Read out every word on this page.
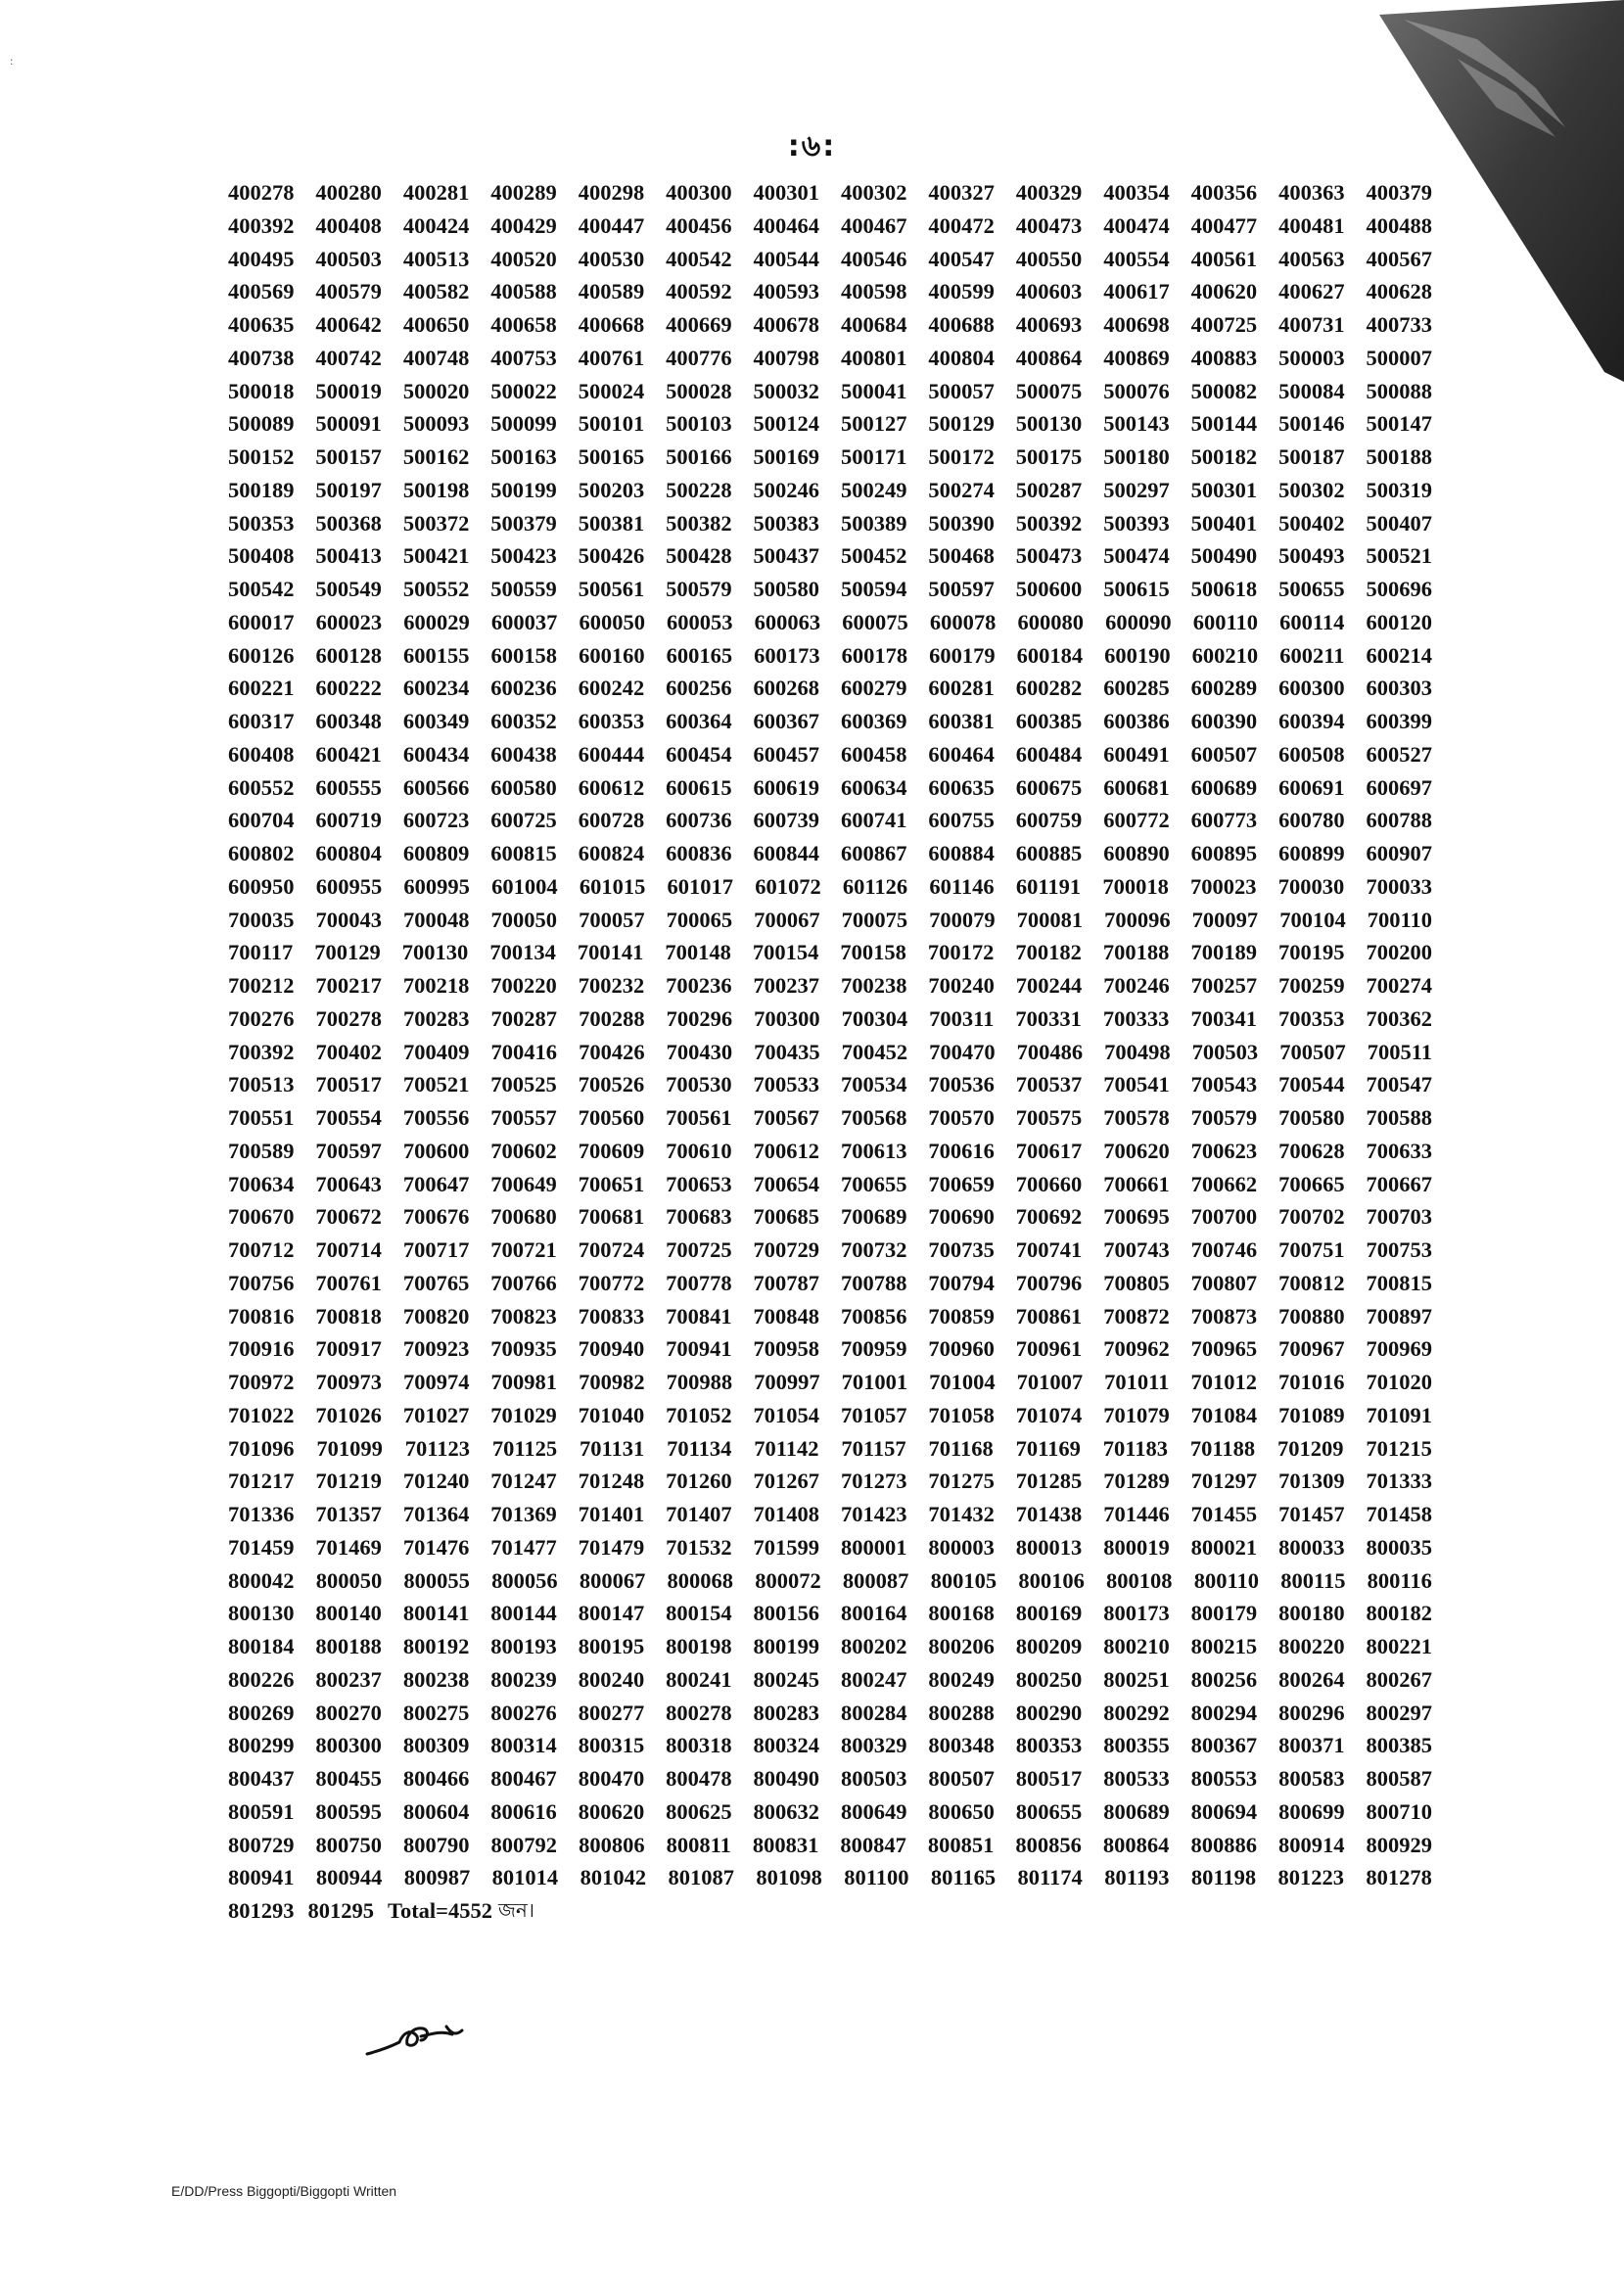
:
:৬:
400278 400280 400281 400289 400298 400300 400301 400302 400327 400329 400354 400356 400363 400379
400392 400408 400424 400429 400447 400456 400464 400467 400472 400473 400474 400477 400481 400488
400495 400503 400513 400520 400530 400542 400544 400546 400547 400550 400554 400561 400563 400567
400569 400579 400582 400588 400589 400592 400593 400598 400599 400603 400617 400620 400627 400628
400635 400642 400650 400658 400668 400669 400678 400684 400688 400693 400698 400725 400731 400733
400738 400742 400748 400753 400761 400776 400798 400801 400804 400864 400869 400883 500003 500007
500018 500019 500020 500022 500024 500028 500032 500041 500057 500075 500076 500082 500084 500088
500089 500091 500093 500099 500101 500103 500124 500127 500129 500130 500143 500144 500146 500147
500152 500157 500162 500163 500165 500166 500169 500171 500172 500175 500180 500182 500187 500188
500189 500197 500198 500199 500203 500228 500246 500249 500274 500287 500297 500301 500302 500319
500353 500368 500372 500379 500381 500382 500383 500389 500390 500392 500393 500401 500402 500407
500408 500413 500421 500423 500426 500428 500437 500452 500468 500473 500474 500490 500493 500521
500542 500549 500552 500559 500561 500579 500580 500594 500597 500600 500615 500618 500655 500696
600017 600023 600029 600037 600050 600053 600063 600075 600078 600080 600090 600110 600114 600120
600126 600128 600155 600158 600160 600165 600173 600178 600179 600184 600190 600210 600211 600214
600221 600222 600234 600236 600242 600256 600268 600279 600281 600282 600285 600289 600300 600303
600317 600348 600349 600352 600353 600364 600367 600369 600381 600385 600386 600390 600394 600399
600408 600421 600434 600438 600444 600454 600457 600458 600464 600484 600491 600507 600508 600527
600552 600555 600566 600580 600612 600615 600619 600634 600635 600675 600681 600689 600691 600697
600704 600719 600723 600725 600728 600736 600739 600741 600755 600759 600772 600773 600780 600788
600802 600804 600809 600815 600824 600836 600844 600867 600884 600885 600890 600895 600899 600907
600950 600955 600995 601004 601015 601017 601072 601126 601146 601191 700018 700023 700030 700033
700035 700043 700048 700050 700057 700065 700067 700075 700079 700081 700096 700097 700104 700110
700117 700129 700130 700134 700141 700148 700154 700158 700172 700182 700188 700189 700195 700200
700212 700217 700218 700220 700232 700236 700237 700238 700240 700244 700246 700257 700259 700274
700276 700278 700283 700287 700288 700296 700300 700304 700311 700331 700333 700341 700353 700362
700392 700402 700409 700416 700426 700430 700435 700452 700470 700486 700498 700503 700507 700511
700513 700517 700521 700525 700526 700530 700533 700534 700536 700537 700541 700543 700544 700547
700551 700554 700556 700557 700560 700561 700567 700568 700570 700575 700578 700579 700580 700588
700589 700597 700600 700602 700609 700610 700612 700613 700616 700617 700620 700623 700628 700633
700634 700643 700647 700649 700651 700653 700654 700655 700659 700660 700661 700662 700665 700667
700670 700672 700676 700680 700681 700683 700685 700689 700690 700692 700695 700700 700702 700703
700712 700714 700717 700721 700724 700725 700729 700732 700735 700741 700743 700746 700751 700753
700756 700761 700765 700766 700772 700778 700787 700788 700794 700796 700805 700807 700812 700815
700816 700818 700820 700823 700833 700841 700848 700856 700859 700861 700872 700873 700880 700897
700916 700917 700923 700935 700940 700941 700958 700959 700960 700961 700962 700965 700967 700969
700972 700973 700974 700981 700982 700988 700997 701001 701004 701007 701011 701012 701016 701020
701022 701026 701027 701029 701040 701052 701054 701057 701058 701074 701079 701084 701089 701091
701096 701099 701123 701125 701131 701134 701142 701157 701168 701169 701183 701188 701209 701215
701217 701219 701240 701247 701248 701260 701267 701273 701275 701285 701289 701297 701309 701333
701336 701357 701364 701369 701401 701407 701408 701423 701432 701438 701446 701455 701457 701458
701459 701469 701476 701477 701479 701532 701599 800001 800003 800013 800019 800021 800033 800035
800042 800050 800055 800056 800067 800068 800072 800087 800105 800106 800108 800110 800115 800116
800130 800140 800141 800144 800147 800154 800156 800164 800168 800169 800173 800179 800180 800182
800184 800188 800192 800193 800195 800198 800199 800202 800206 800209 800210 800215 800220 800221
800226 800237 800238 800239 800240 800241 800245 800247 800249 800250 800251 800256 800264 800267
800269 800270 800275 800276 800277 800278 800283 800284 800288 800290 800292 800294 800296 800297
800299 800300 800309 800314 800315 800318 800324 800329 800348 800353 800355 800367 800371 800385
800437 800455 800466 800467 800470 800478 800490 800503 800507 800517 800533 800553 800583 800587
800591 800595 800604 800616 800620 800625 800632 800649 800650 800655 800689 800694 800699 800710
800729 800750 800790 800792 800806 800811 800831 800847 800851 800856 800864 800886 800914 800929
800941 800944 800987 801014 801042 801087 801098 801100 801165 801174 801193 801198 801223 801278
801293 801295 Total=4552 জন।
E/DD/Press Biggopti/Biggopti Written
